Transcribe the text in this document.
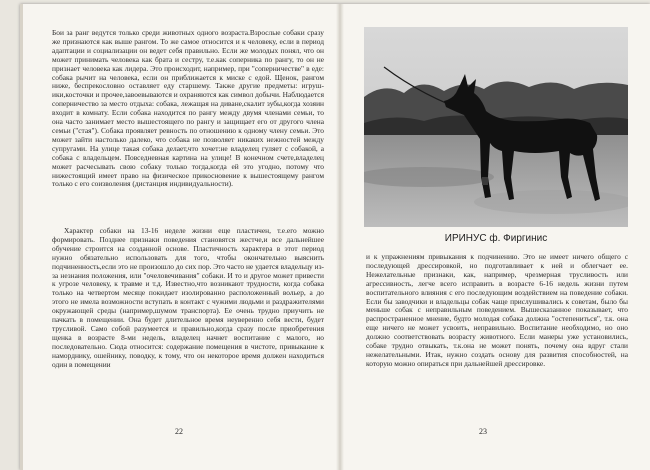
Бои за ранг ведутся только среди животных одного возраста.Взрослые собаки сразу же признаются как выше рангом. То же самое относится и к человеку, если в период адаптации и социализации он ведет себя правильно. Если же молодых понял, что он может принимать человека как брата и сестру, т.е.как соперника по рангу, то он не признает человека как лидера. Это происходит, например, при "соперничестве" в еде: собака рычит на человека, если он приближается к миске с едой. Щенок, рангом ниже, беспрекословно оставляет еду старшему. Также другие предметы: игруш- ики,косточки и прочее,завоевываются и охраняются как символ добычи. Наблюдается соперничество за место отдыха: собака, лежащая на диване,скалит зубы,когда хозяин входит в комнату. Если собака находится по рангу между двумя членами семьи, то она часто занимает место вышестоящего по рангу и защищает его от другого члена семьи ("стая"). Собака проявляет ревность по отношению к одному члену семьи. Это может зайти настолько далеко, что собака не позволяет никаких нежностей между супругами. На улице такая собака делает,что хочет:не владелец гуляет с собакой, а собака с владельцем. Повседневная картина на улице! В конечном счете,владелец может расчесывать свою собаку только тогда,когда ей это угодно, потому что нижестоящий имеет право на физическое прикосновение к вышестоящему рангом только с его соизволения (дистанция индивидуальности).

Характер собаки на 13-16 неделе жизни еще пластичен, т.е.его можно формировать. Позднее признаки поведения становятся жестче,и все дальнейшее обучение строится на созданной основе. Пластичность характера в этот период нужно обязательно использовать для того, чтобы окончательно выяснить подчиненность,если это не произошло до сих пор. Это часто не удается владельцу из-за незнания положения, или "очеловечивания" собаки. И то и другое может привести к угрозе человеку, к травме и т.д. Известно,что возникают трудности, когда собака только на четвертом месяце покидает изолированно расположенный вольер, а до этого не имела возможности вступать в контакт с чужими людьми и раздражителями окружающей среды (например,шумом транспорта). Ее очень трудно приучить не пачкать в помещении. Она будет длительное время неуверенно себя вести, будет трусливой. Само собой разумеется и правильно,когда сразу после приобретения щенка в возрасте 8-ми недель, владелец начнет воспитание с малого, но последовательно. Сюда относится: содержание помещения в чистоте, привыкание к наморднику, ошейнику, поводку, к тому, что он некоторое время должен находиться один в помещении

22

ИРИНУС ф. Фиргинис

и к упражнениям привыкания к подчинению. Это не имеет ничего общего с последующей дрессировкой, но подготавливает к ней и облегчает ее. Нежелательные признаки, как, например, чрезмерная трусливость или агрессивность, легче всего исправить в возрасте 6-16 недель жизни путем воспитательного влияния с его последующим воздействием на поведение собаки. Если бы заводчики и владельцы собак чаще прислушивались к советам, было бы меньше собак с неправильным поведением. Вышесказанное показывает, что распространенное мнение, будто молодая собака должна "остепениться", т.к. она еще ничего не может усвоить, неправильно. Воспитание необходимо, но оно должно соответствовать возрасту животного. Если манеры уже установились, собаке трудно отвыкать, т.к.она не может понять, почему она вдруг стали нежелательными. Итак, нужно создать основу для развития способностей, на которую можно опираться при дальнейшей дрессировке.

23
